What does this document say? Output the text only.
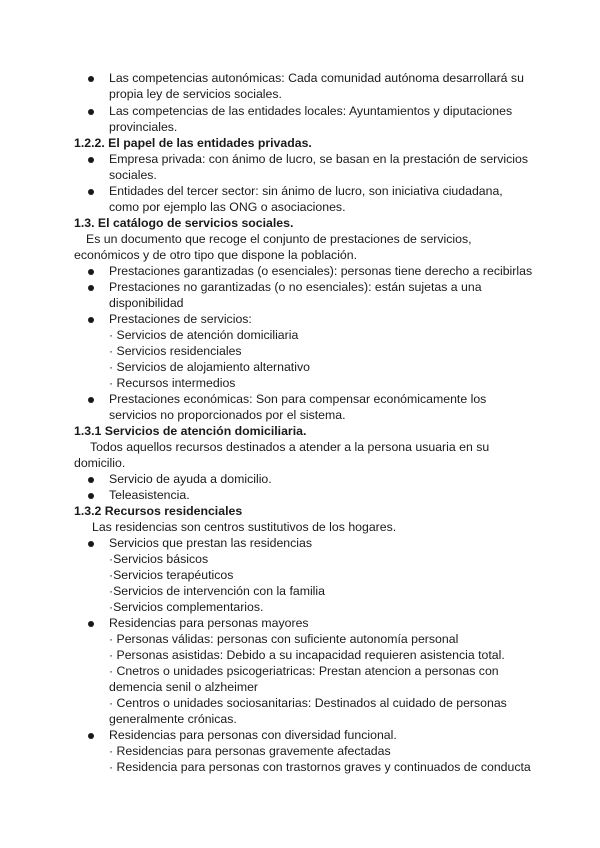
Las competencias autonómicas: Cada comunidad autónoma desarrollará su
propia ley de servicios sociales.
Las competencias de las entidades locales: Ayuntamientos y diputaciones
provinciales.
1.2.2. El papel de las entidades privadas.
Empresa privada: con ánimo de lucro, se basan en la prestación de servicios
sociales.
Entidades del tercer sector: sin ánimo de lucro, son iniciativa ciudadana,
como por ejemplo las ONG o asociaciones.
1.3. El catálogo de servicios sociales.
Es un documento que recoge el conjunto de prestaciones de servicios,
económicos y de otro tipo que dispone la población.
Prestaciones garantizadas (o esenciales): personas tiene derecho a recibirlas
Prestaciones no garantizadas (o no esenciales): están sujetas a una
disponibilidad
Prestaciones de servicios:
· Servicios de atención domiciliaria
· Servicios residenciales
· Servicios de alojamiento alternativo
· Recursos intermedios
Prestaciones económicas: Son para compensar económicamente los
servicios no proporcionados por el sistema.
1.3.1 Servicios de atención domiciliaria.
Todos aquellos recursos destinados a atender a la persona usuaria en su
domicilio.
Servicio de ayuda a domicilio.
Teleasistencia.
1.3.2 Recursos residenciales
Las residencias son centros sustitutivos de los hogares.
Servicios que prestan las residencias
·Servicios básicos
·Servicios terapéuticos
·Servicios de intervención con la familia
·Servicios complementarios.
Residencias para personas mayores
· Personas válidas: personas con suficiente autonomía personal
· Personas asistidas: Debido a su incapacidad requieren asistencia total.
· Cnetros o unidades psicogeriatricas: Prestan atencion a personas con
demencia senil o alzheimer
· Centros o unidades sociosanitarias: Destinados al cuidado de personas
generalmente crónicas.
Residencias para personas con diversidad funcional.
· Residencias para personas gravemente afectadas
· Residencia para personas con trastornos graves y continuados de conducta
